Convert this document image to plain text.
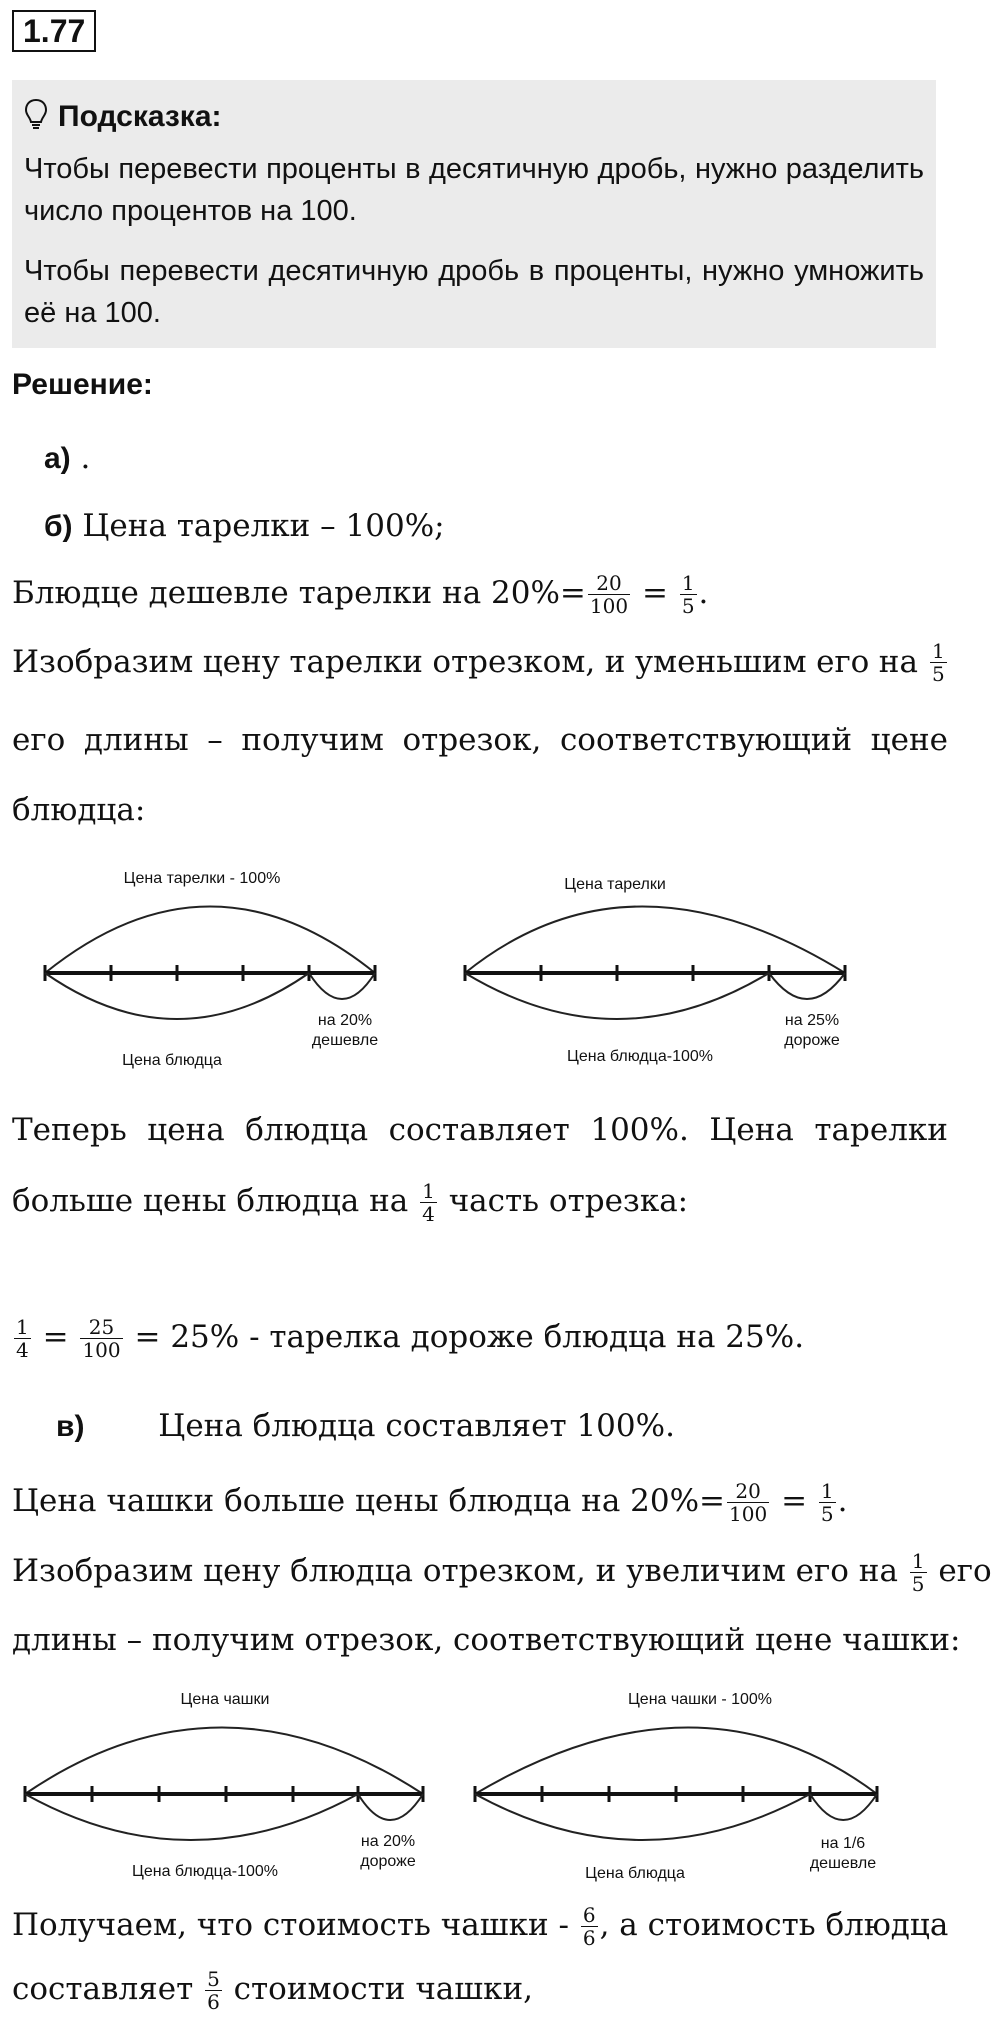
1.77
Подсказка:
Чтобы перевести проценты в десятичную дробь, нужно разделить число процентов на 100.
Чтобы перевести десятичную дробь в проценты, нужно умножить её на 100.
Решение:
а) .
б) Цена тарелки – 100%;
Блюдце дешевле тарелки на $20\%= \frac{20}{100} = \frac{1}{5}$ .
Изобразим цену тарелки отрезком, и уменьшим его на $\frac{1}{5}$
его длины – получим отрезок, соответствующий цене
блюдца:
Цена тарелки - 100%
Цена блюдца
на 20%
дешевле
Цена тарелки
Цена блюдца-100%
на 25%
дороже
Теперь цена блюдца составляет 100%. Цена тарелки
больше цены блюдца на $\frac{1}{4}$ часть отрезка:
$\frac{1}{4} = \frac{25}{100} = 25\%$ - тарелка дороже блюдца на 25%.
в) Цена блюдца составляет 100%.
Цена чашки больше цены блюдца на $20\%= \frac{20}{100} = \frac{1}{5}$ .
Изобразим цену блюдца отрезком, и увеличим его на $\frac{1}{5}$ его
длины – получим отрезок, соответствующий цене чашки:
Цена чашки
Цена блюдца-100%
на 20%
дороже
Цена чашки - 100%
Цена блюдца
на 1/6
дешевле
Получаем, что стоимость чашки - $\frac{6}{6}$ , а стоимость блюдца
составляет $\frac{5}{6}$ стоимости чашки,
